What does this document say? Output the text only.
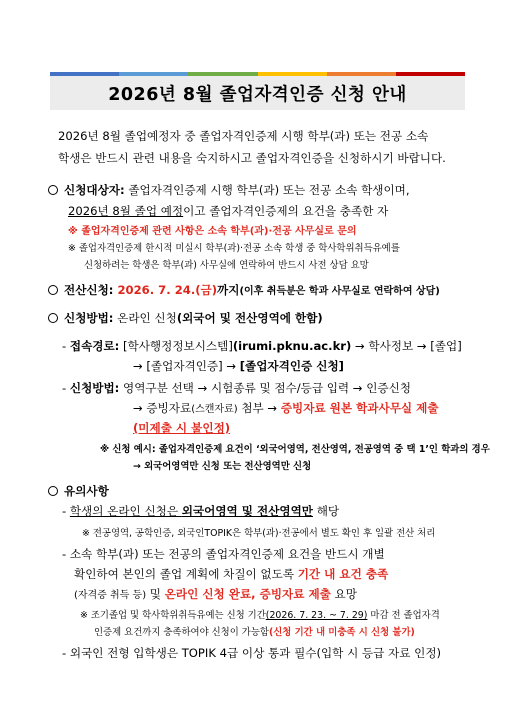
2026년 8월 졸업자격인증 신청 안내
2026년 8월 졸업예정자 중 졸업자격인증제 시행 학부(과) 또는 전공 소속
학생은 반드시 관련 내용을 숙지하시고 졸업자격인증을 신청하시기 바랍니다.
신청대상자: 졸업자격인증제 시행 학부(과) 또는 전공 소속 학생이며,
2026년 8월 졸업 예정이고 졸업자격인증제의 요건을 충족한 자
※ 졸업자격인증제 관련 사항은 소속 학부(과)·전공 사무실로 문의
※ 졸업자격인증제 한시적 미실시 학부(과)·전공 소속 학생 중 학사학위취득유예를
신청하려는 학생은 학부(과) 사무실에 연락하여 반드시 사전 상담 요망
전산신청: 2026. 7. 24.(금)까지(이후 취득분은 학과 사무실로 연락하여 상담)
신청방법: 온라인 신청(외국어 및 전산영역에 한함)
- 접속경로: [학사행정정보시스템](irumi.pknu.ac.kr) → 학사정보 → [졸업]
→ [졸업자격인증] → [졸업자격인증 신청]
- 신청방법: 영역구분 선택 → 시험종류 및 점수/등급 입력 → 인증신청
→ 증빙자료(스캔자료) 첨부 → 증빙자료 원본 학과사무실 제출
(미제출 시 불인정)
※ 신청 예시: 졸업자격인증제 요건이 ‘외국어영역, 전산영역, 전공영역 중 택 1’인 학과의 경우
→ 외국어영역만 신청 또는 전산영역만 신청
유의사항
- 학생의 온라인 신청은 외국어영역 및 전산영역만 해당
※ 전공영역, 공학인증, 외국인TOPIK은 학부(과)·전공에서 별도 확인 후 일괄 전산 처리
- 소속 학부(과) 또는 전공의 졸업자격인증제 요건을 반드시 개별
확인하여 본인의 졸업 계획에 차질이 없도록 기간 내 요건 충족
(자격증 취득 등) 및 온라인 신청 완료, 증빙자료 제출 요망
※ 조기졸업 및 학사학위취득유예는 신청 기간(2026. 7. 23. ~ 7. 29) 마감 전 졸업자격
인증제 요건까지 충족하여야 신청이 가능함(신청 기간 내 미충족 시 신청 불가)
- 외국인 전형 입학생은 TOPIK 4급 이상 통과 필수(입학 시 등급 자료 인정)
